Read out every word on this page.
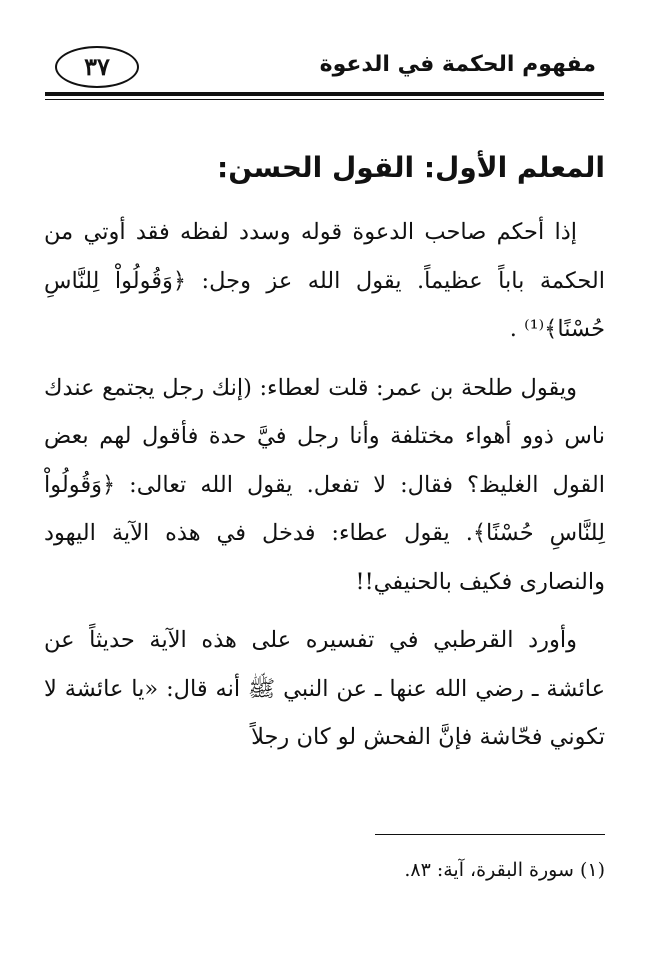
٣٧	مفهوم الحكمة في الدعوة
المعلم الأول: القول الحسن:

إذا أحكم صاحب الدعوة قوله وسدد لفظه فقد أوتي من الحكمة باباً عظيماً. يقول الله عز وجل: ﴿وَقُولُواْ لِلنَّاسِ حُسْنًا﴾⁽¹⁾ .

ويقول طلحة بن عمر: قلت لعطاء: (إنك رجل يجتمع عندك ناس ذوو أهواء مختلفة وأنا رجل فيَّ حدة فأقول لهم بعض القول الغليظ؟ فقال: لا تفعل. يقول الله تعالى: ﴿وَقُولُواْ لِلنَّاسِ حُسْنًا﴾. يقول عطاء: فدخل في هذه الآية اليهود والنصارى فكيف بالحنيفي!!

وأورد القرطبي في تفسيره على هذه الآية حديثاً عن عائشة ـ رضي الله عنها ـ عن النبي ﷺ أنه قال: «يا عائشة لا تكوني فحّاشة فإنَّ الفحش لو كان رجلاً

(١) سورة البقرة، آية: ٨٣.
